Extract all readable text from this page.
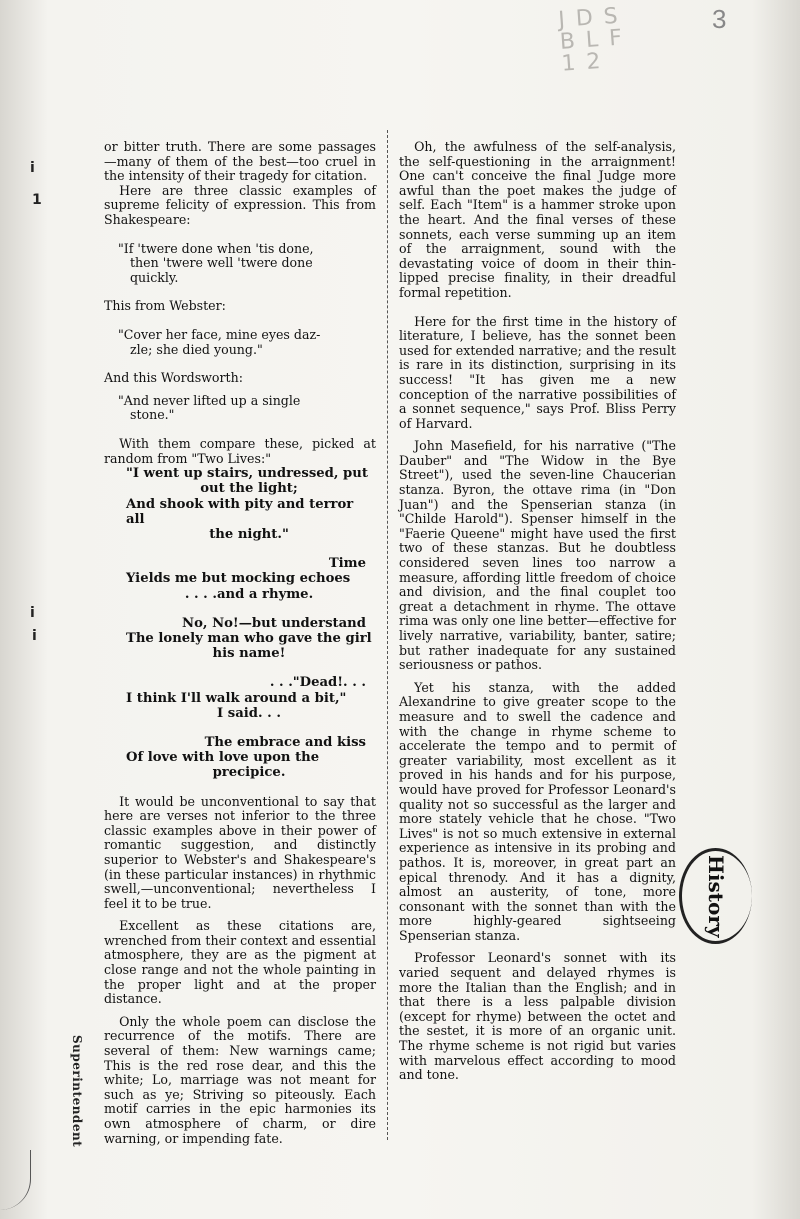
J D S
B L F
1 2
3
i
1
i
i
Superintendent

or bitter truth. There are some passages—many of them of the best—too cruel in the intensity of their tragedy for citation.

Here are three classic examples of supreme felicity of expression. This from Shakespeare:

"If 'twere done when 'tis done,
then 'twere well 'twere done
quickly.

This from Webster:

"Cover her face, mine eyes daz-
zle; she died young."

And this Wordsworth:

"And never lifted up a single
stone."

With them compare these, picked at random from "Two Lives:"

"I went up stairs, undressed, put
out the light;
And shook with pity and terror all
the night."
Time
Yields me but mocking echoes
. . . .and a rhyme.
No, No!—but understand
The lonely man who gave the girl
his name!
. . ."Dead!. . .
I think I'll walk around a bit,"
I said. . .
The embrace and kiss
Of love with love upon the
precipice.

It would be unconventional to say that here are verses not inferior to the three classic examples above in their power of romantic suggestion, and distinctly superior to Webster's and Shakespeare's (in these particular instances) in rhythmic swell,—unconventional; nevertheless I feel it to be true.

Excellent as these citations are, wrenched from their context and essential atmosphere, they are as the pigment at close range and not the whole painting in the proper light and at the proper distance.

Only the whole poem can disclose the recurrence of the motifs. There are several of them: New warnings came; This is the red rose dear, and this the white; Lo, marriage was not meant for such as ye; Striving so piteously. Each motif carries in the epic harmonies its own atmosphere of charm, or dire warning, or impending fate.

Oh, the awfulness of the self-analysis, the self-questioning in the arraignment! One can't conceive the final Judge more awful than the poet makes the judge of self. Each "Item" is a hammer stroke upon the heart. And the final verses of these sonnets, each verse summing up an item of the arraignment, sound with the devastating voice of doom in their thin-lipped precise finality, in their dreadful formal repetition.

Here for the first time in the history of literature, I believe, has the sonnet been used for extended narrative; and the result is rare in its distinction, surprising in its success! "It has given me a new conception of the narrative possibilities of a sonnet sequence," says Prof. Bliss Perry of Harvard.

John Masefield, for his narrative ("The Dauber" and "The Widow in the Bye Street"), used the seven-line Chaucerian stanza. Byron, the ottave rima (in "Don Juan") and the Spenserian stanza (in "Childe Harold"). Spenser himself in the "Faerie Queene" might have used the first two of these stanzas. But he doubtless considered seven lines too narrow a measure, affording little freedom of choice and division, and the final couplet too great a detachment in rhyme. The ottave rima was only one line better—effective for lively narrative, variability, banter, satire; but rather inadequate for any sustained seriousness or pathos.

Yet his stanza, with the added Alexandrine to give greater scope to the measure and to swell the cadence and with the change in rhyme scheme to accelerate the tempo and to permit of greater variability, most excellent as it proved in his hands and for his purpose, would have proved for Professor Leonard's quality not so successful as the larger and more stately vehicle that he chose. "Two Lives" is not so much extensive in external experience as intensive in its probing and pathos. It is, moreover, in great part an epical threnody. And it has a dignity, almost an austerity, of tone, more consonant with the sonnet than with the more highly-geared sightseeing Spenserian stanza.

Professor Leonard's sonnet with its varied sequent and delayed rhymes is more the Italian than the English; and in that there is a less palpable division (except for rhyme) between the octet and the sestet, it is more of an organic unit. The rhyme scheme is not rigid but varies with marvelous effect according to mood and tone.

History
